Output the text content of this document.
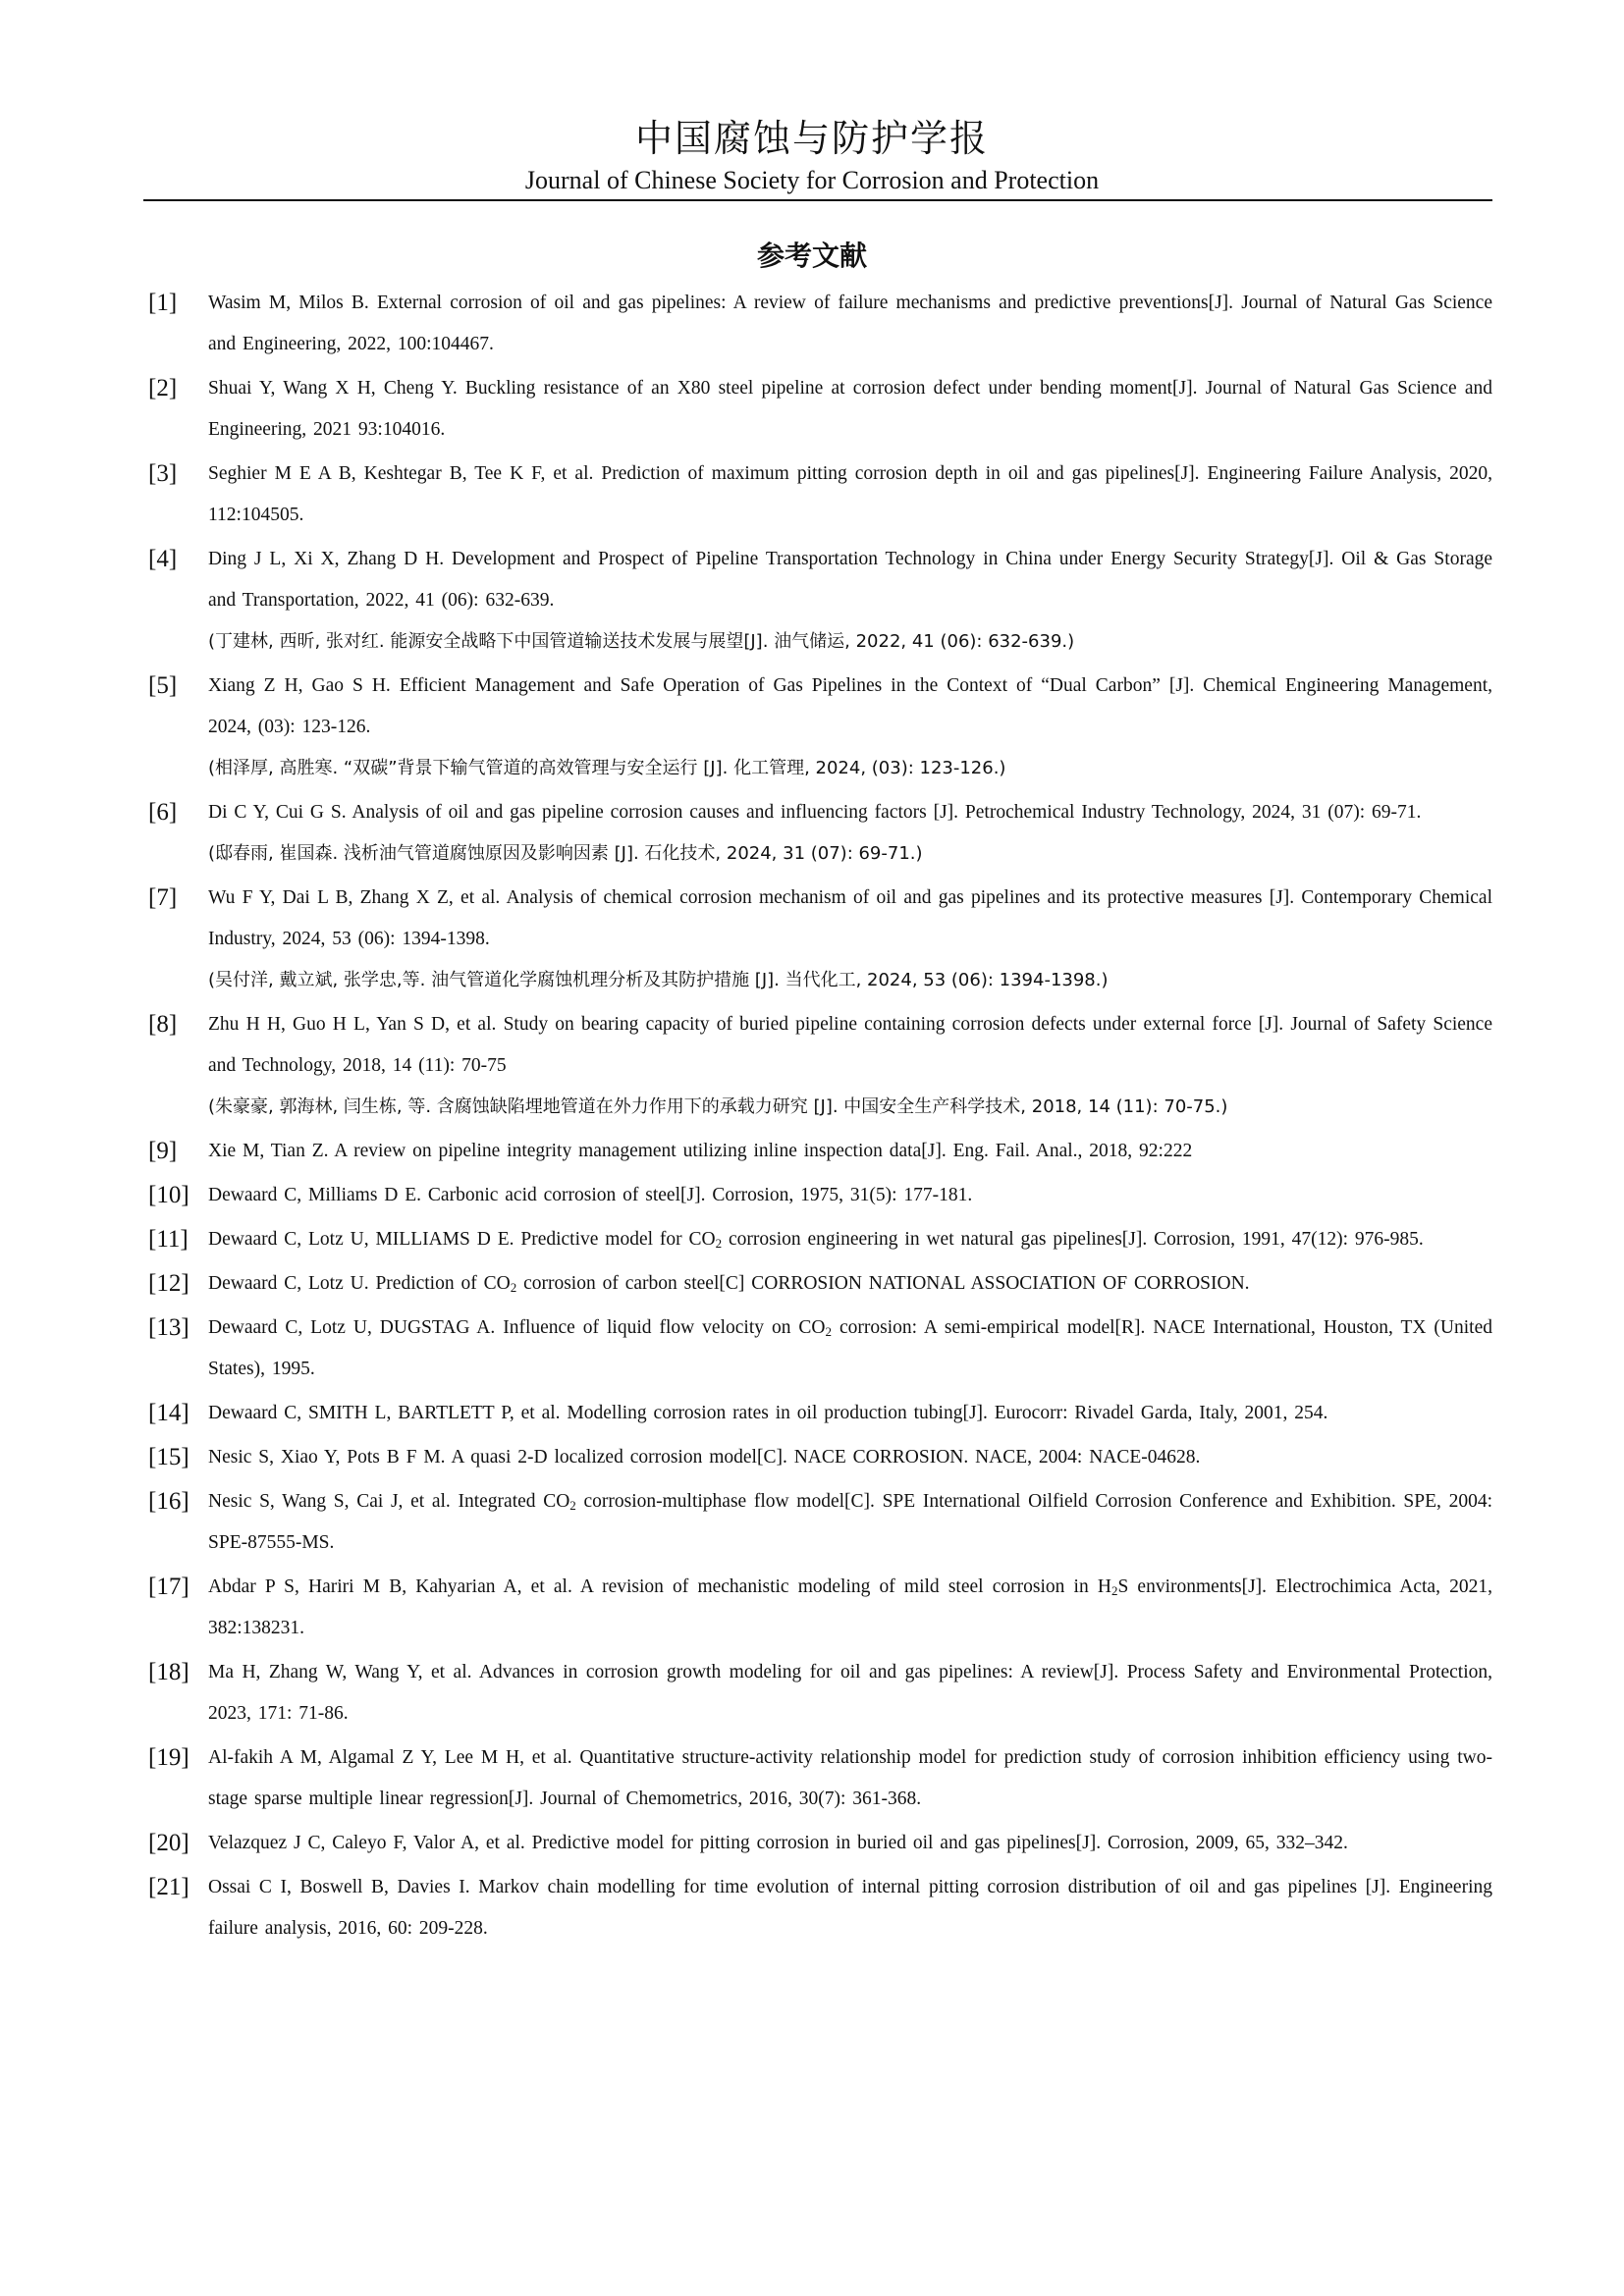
中国腐蚀与防护学报
Journal of Chinese Society for Corrosion and Protection
参考文献
[1] Wasim M, Milos B. External corrosion of oil and gas pipelines: A review of failure mechanisms and predictive preventions[J]. Journal of Natural Gas Science and Engineering, 2022, 100:104467.
[2] Shuai Y, Wang X H, Cheng Y. Buckling resistance of an X80 steel pipeline at corrosion defect under bending moment[J]. Journal of Natural Gas Science and Engineering, 2021 93:104016.
[3] Seghier M E A B, Keshtegar B, Tee K F, et al. Prediction of maximum pitting corrosion depth in oil and gas pipelines[J]. Engineering Failure Analysis, 2020, 112:104505.
[4] Ding J L, Xi X, Zhang D H. Development and Prospect of Pipeline Transportation Technology in China under Energy Security Strategy[J]. Oil & Gas Storage and Transportation, 2022, 41 (06): 632-639.
(丁建林, 西昕, 张对红. 能源安全战略下中国管道输送技术发展与展望[J]. 油气储运, 2022, 41 (06): 632-639.)
[5] Xiang Z H, Gao S H. Efficient Management and Safe Operation of Gas Pipelines in the Context of “Dual Carbon” [J]. Chemical Engineering Management, 2024, (03): 123-126.
(相泽厚, 高胜寒. “双碳”背景下输气管道的高效管理与安全运行 [J]. 化工管理, 2024, (03): 123-126.)
[6] Di C Y, Cui G S. Analysis of oil and gas pipeline corrosion causes and influencing factors [J]. Petrochemical Industry Technology, 2024, 31 (07): 69-71.
(邸春雨, 崔国森. 浅析油气管道腐蚀原因及影响因素 [J]. 石化技术, 2024, 31 (07): 69-71.)
[7] Wu F Y, Dai L B, Zhang X Z, et al. Analysis of chemical corrosion mechanism of oil and gas pipelines and its protective measures [J]. Contemporary Chemical Industry, 2024, 53 (06): 1394-1398.
(吴付洋, 戴立斌, 张学忠,等. 油气管道化学腐蚀机理分析及其防护措施 [J]. 当代化工, 2024, 53 (06): 1394-1398.)
[8] Zhu H H, Guo H L, Yan S D, et al. Study on bearing capacity of buried pipeline containing corrosion defects under external force [J]. Journal of Safety Science and Technology, 2018, 14 (11): 70-75
(朱豪豪, 郭海林, 闫生栋, 等. 含腐蚀缺陷埋地管道在外力作用下的承载力研究 [J]. 中国安全生产科学技术, 2018, 14 (11): 70-75.)
[9] Xie M, Tian Z. A review on pipeline integrity management utilizing inline inspection data[J]. Eng. Fail. Anal., 2018, 92:222
[10] Dewaard C, Milliams D E. Carbonic acid corrosion of steel[J]. Corrosion, 1975, 31(5): 177-181.
[11] Dewaard C, Lotz U, MILLIAMS D E. Predictive model for $CO_2$ corrosion engineering in wet natural gas pipelines[J]. Corrosion, 1991, 47(12): 976-985.
[12] Dewaard C, Lotz U. Prediction of $CO_2$ corrosion of carbon steel[C] CORROSION NATIONAL ASSOCIATION OF CORROSION.
[13] Dewaard C, Lotz U, DUGSTAG A. Influence of liquid flow velocity on $CO_2$ corrosion: A semi-empirical model[R]. NACE International, Houston, TX (United States), 1995.
[14] Dewaard C, SMITH L, BARTLETT P, et al. Modelling corrosion rates in oil production tubing[J]. Eurocorr: Rivadel Garda, Italy, 2001, 254.
[15] Nesic S, Xiao Y, Pots B F M. A quasi 2-D localized corrosion model[C]. NACE CORROSION. NACE, 2004: NACE-04628.
[16] Nesic S, Wang S, Cai J, et al. Integrated $CO_2$ corrosion-multiphase flow model[C]. SPE International Oilfield Corrosion Conference and Exhibition. SPE, 2004: SPE-87555-MS.
[17] Abdar P S, Hariri M B, Kahyarian A, et al. A revision of mechanistic modeling of mild steel corrosion in $H_2S$ environments[J]. Electrochimica Acta, 2021, 382:138231.
[18] Ma H, Zhang W, Wang Y, et al. Advances in corrosion growth modeling for oil and gas pipelines: A review[J]. Process Safety and Environmental Protection, 2023, 171: 71-86.
[19] Al-fakih A M, Algamal Z Y, Lee M H, et al. Quantitative structure-activity relationship model for prediction study of corrosion inhibition efficiency using two‐stage sparse multiple linear regression[J]. Journal of Chemometrics, 2016, 30(7): 361-368.
[20] Velazquez J C, Caleyo F, Valor A, et al. Predictive model for pitting corrosion in buried oil and gas pipelines[J]. Corrosion, 2009, 65, 332–342.
[21] Ossai C I, Boswell B, Davies I. Markov chain modelling for time evolution of internal pitting corrosion distribution of oil and gas pipelines [J]. Engineering failure analysis, 2016, 60: 209-228.
